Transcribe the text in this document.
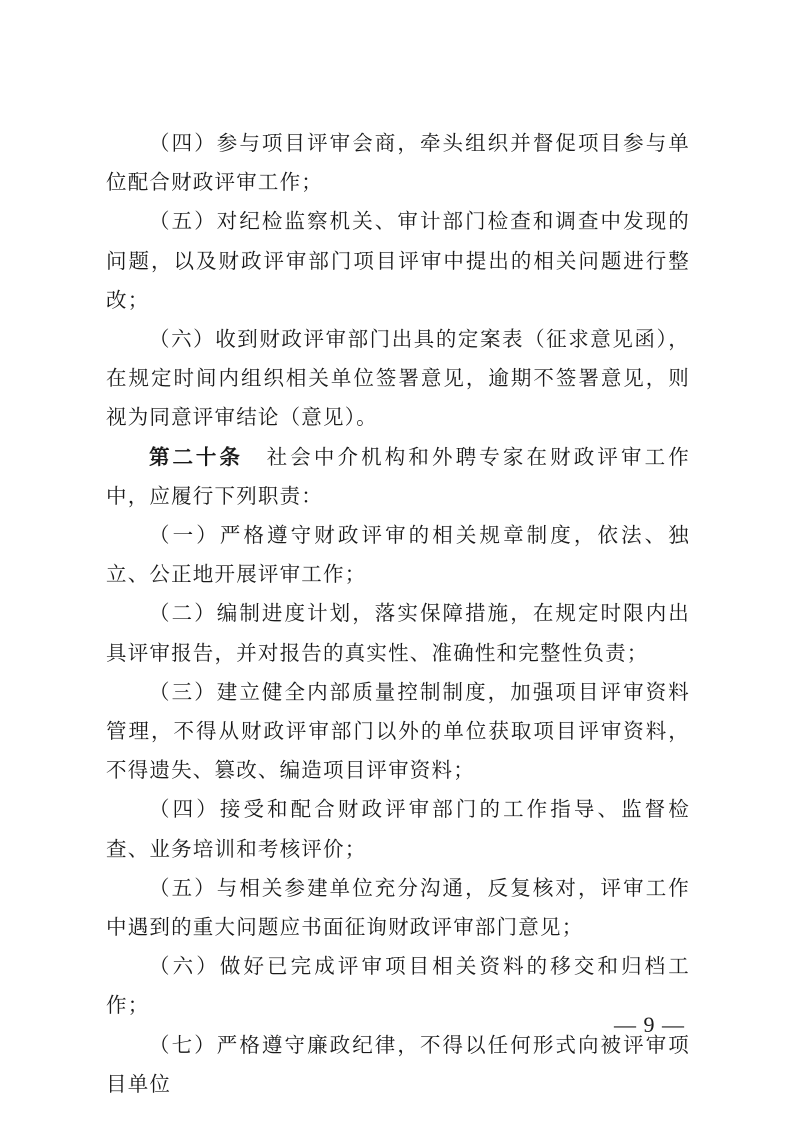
（四）参与项目评审会商，牵头组织并督促项目参与单位配合财政评审工作；

（五）对纪检监察机关、审计部门检查和调查中发现的问题，以及财政评审部门项目评审中提出的相关问题进行整改；

（六）收到财政评审部门出具的定案表（征求意见函），在规定时间内组织相关单位签署意见，逾期不签署意见，则视为同意评审结论（意见）。

第二十条 社会中介机构和外聘专家在财政评审工作中，应履行下列职责：

（一）严格遵守财政评审的相关规章制度，依法、独立、公正地开展评审工作；

（二）编制进度计划，落实保障措施，在规定时限内出具评审报告，并对报告的真实性、准确性和完整性负责；

（三）建立健全内部质量控制制度，加强项目评审资料管理，不得从财政评审部门以外的单位获取项目评审资料，不得遗失、篡改、编造项目评审资料；

（四）接受和配合财政评审部门的工作指导、监督检查、业务培训和考核评价；

（五）与相关参建单位充分沟通，反复核对，评审工作中遇到的重大问题应书面征询财政评审部门意见；

（六）做好已完成评审项目相关资料的移交和归档工作；

（七）严格遵守廉政纪律，不得以任何形式向被评审项目单位

— 9 —
